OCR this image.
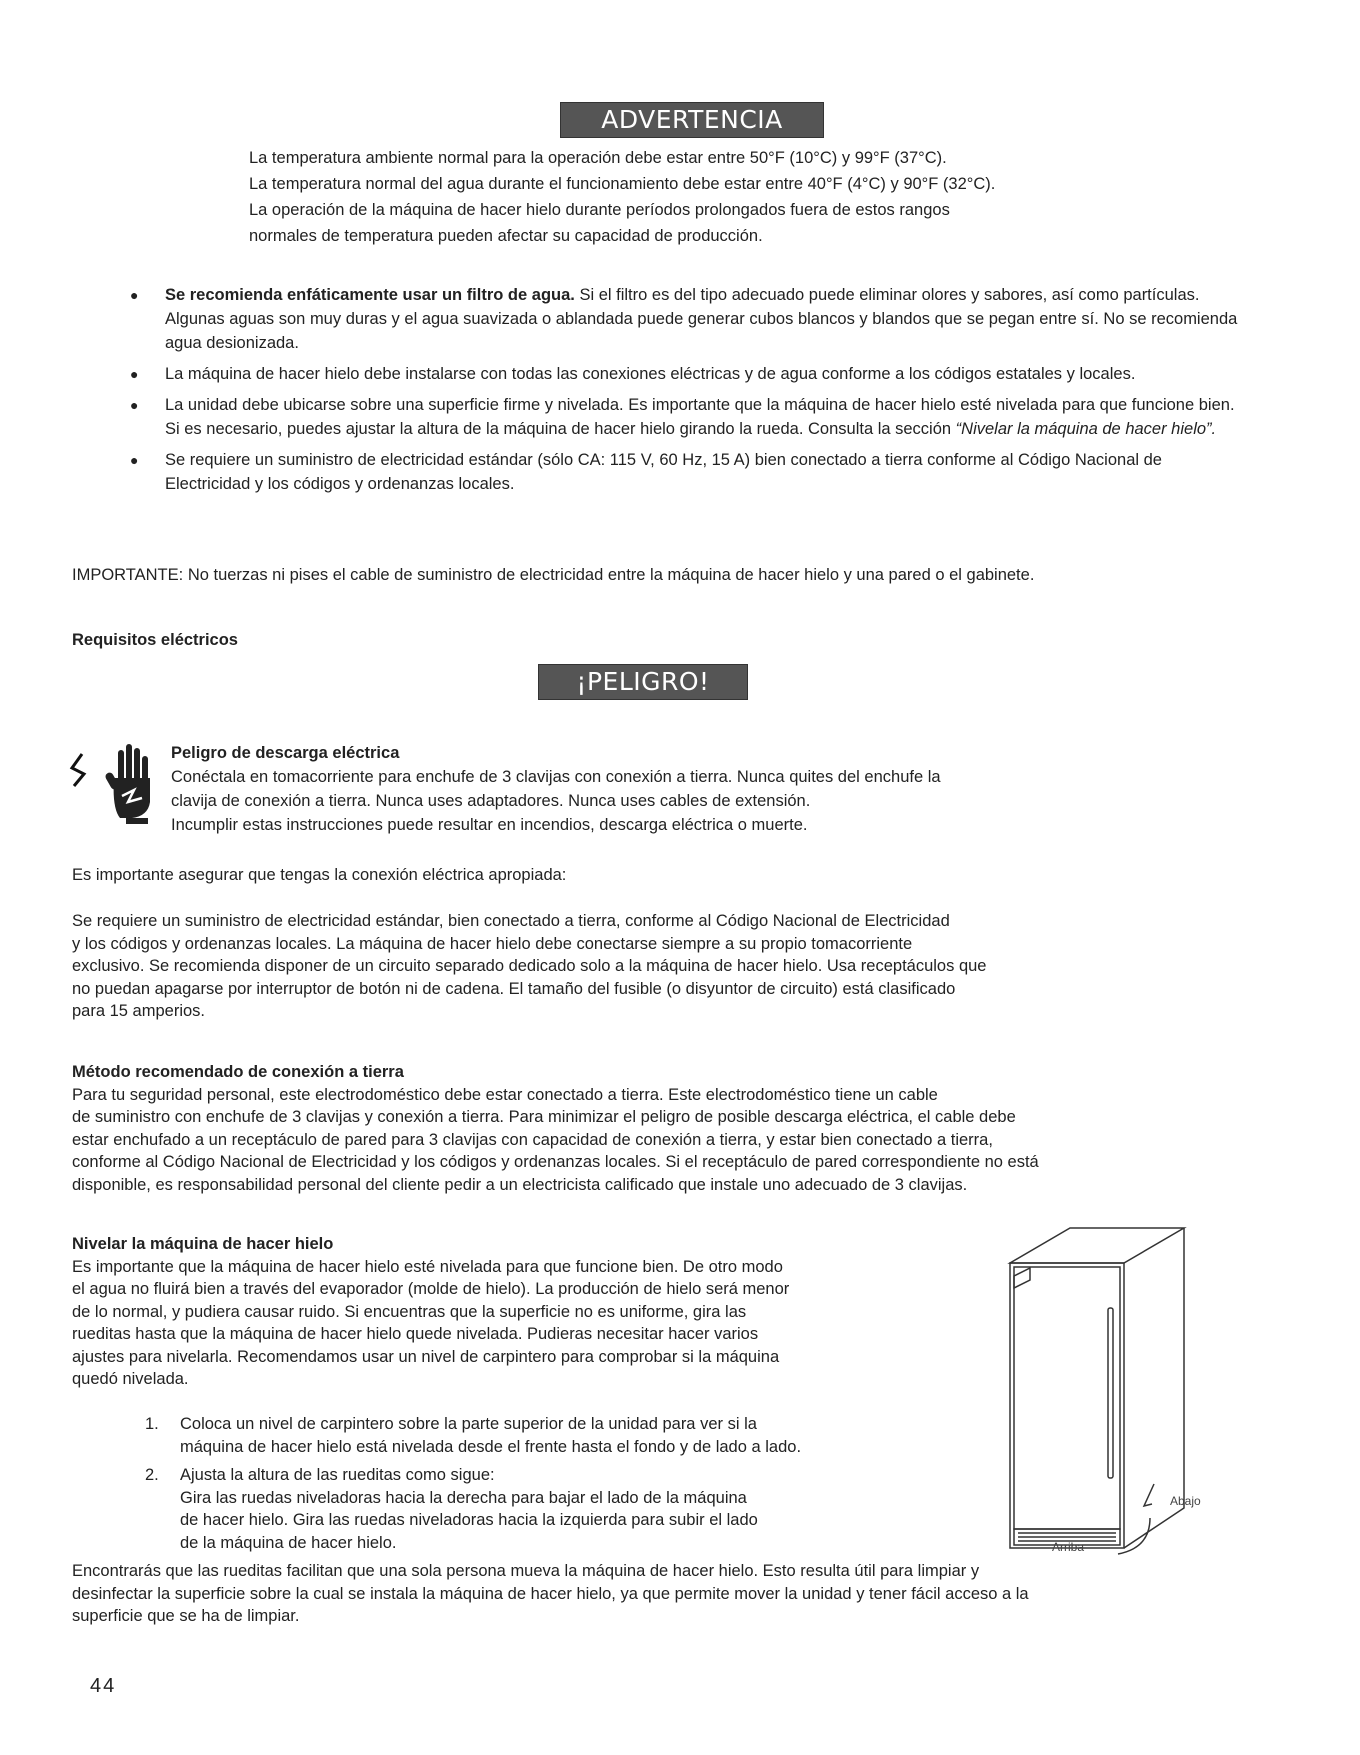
ADVERTENCIA
La temperatura ambiente normal para la operación debe estar entre 50°F (10°C) y 99°F (37°C).
La temperatura normal del agua durante el funcionamiento debe estar entre 40°F (4°C) y 90°F (32°C).
La operación de la máquina de hacer hielo durante períodos prolongados fuera de estos rangos
normales de temperatura pueden afectar su capacidad de producción.
●	Se recomienda enfáticamente usar un filtro de agua. Si el filtro es del tipo adecuado puede eliminar olores y sabores, así como partículas. Algunas aguas son muy duras y el agua suavizada o ablandada puede generar cubos blancos y blandos que se pegan entre sí. No se recomienda agua desionizada.
●	La máquina de hacer hielo debe instalarse con todas las conexiones eléctricas y de agua conforme a los códigos estatales y locales.
●	La unidad debe ubicarse sobre una superficie firme y nivelada. Es importante que la máquina de hacer hielo esté nivelada para que funcione bien. Si es necesario, puedes ajustar la altura de la máquina de hacer hielo girando la rueda. Consulta la sección “Nivelar la máquina de hacer hielo”.
●	Se requiere un suministro de electricidad estándar (sólo CA: 115 V, 60 Hz, 15 A) bien conectado a tierra conforme al Código Nacional de Electricidad y los códigos y ordenanzas locales.
IMPORTANTE: No tuerzas ni pises el cable de suministro de electricidad entre la máquina de hacer hielo y una pared o el gabinete.
Requisitos eléctricos
¡PELIGRO!
Peligro de descarga eléctrica
Conéctala en tomacorriente para enchufe de 3 clavijas con conexión a tierra. Nunca quites del enchufe la
clavija de conexión a tierra. Nunca uses adaptadores. Nunca uses cables de extensión.
Incumplir estas instrucciones puede resultar en incendios, descarga eléctrica o muerte.
Es importante asegurar que tengas la conexión eléctrica apropiada:
Se requiere un suministro de electricidad estándar, bien conectado a tierra, conforme al Código Nacional de Electricidad
y los códigos y ordenanzas locales. La máquina de hacer hielo debe conectarse siempre a su propio tomacorriente
exclusivo. Se recomienda disponer de un circuito separado dedicado solo a la máquina de hacer hielo. Usa receptáculos que
no puedan apagarse por interruptor de botón ni de cadena. El tamaño del fusible (o disyuntor de circuito) está clasificado
para 15 amperios.
Método recomendado de conexión a tierra
Para tu seguridad personal, este electrodoméstico debe estar conectado a tierra. Este electrodoméstico tiene un cable
de suministro con enchufe de 3 clavijas y conexión a tierra. Para minimizar el peligro de posible descarga eléctrica, el cable debe
estar enchufado a un receptáculo de pared para 3 clavijas con capacidad de conexión a tierra, y estar bien conectado a tierra,
conforme al Código Nacional de Electricidad y los códigos y ordenanzas locales. Si el receptáculo de pared correspondiente no está
disponible, es responsabilidad personal del cliente pedir a un electricista calificado que instale uno adecuado de 3 clavijas.
Nivelar la máquina de hacer hielo
Es importante que la máquina de hacer hielo esté nivelada para que funcione bien. De otro modo
el agua no fluirá bien a través del evaporador (molde de hielo). La producción de hielo será menor
de lo normal, y pudiera causar ruido. Si encuentras que la superficie no es uniforme, gira las
rueditas hasta que la máquina de hacer hielo quede nivelada. Pudieras necesitar hacer varios
ajustes para nivelarla. Recomendamos usar un nivel de carpintero para comprobar si la máquina
quedó nivelada.
1. Coloca un nivel de carpintero sobre la parte superior de la unidad para ver si la
máquina de hacer hielo está nivelada desde el frente hasta el fondo y de lado a lado.
2. Ajusta la altura de las rueditas como sigue:
Gira las ruedas niveladoras hacia la derecha para bajar el lado de la máquina
de hacer hielo. Gira las ruedas niveladoras hacia la izquierda para subir el lado
de la máquina de hacer hielo.
Encontrarás que las rueditas facilitan que una sola persona mueva la máquina de hacer hielo. Esto resulta útil para limpiar y
desinfectar la superficie sobre la cual se instala la máquina de hacer hielo, ya que permite mover la unidad y tener fácil acceso a la
superficie que se ha de limpiar.
Abajo
Arriba
44
